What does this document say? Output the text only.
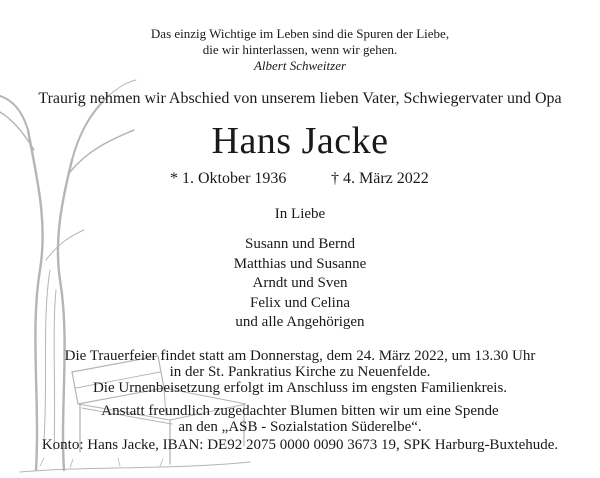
Das einzig Wichtige im Leben sind die Spuren der Liebe,
die wir hinterlassen, wenn wir gehen.
Albert Schweitzer
Traurig nehmen wir Abschied von unserem lieben Vater, Schwiegervater und Opa
Hans Jacke
* 1. Oktober 1936	† 4. März 2022
In Liebe
Susann und Bernd
Matthias und Susanne
Arndt und Sven
Felix und Celina
und alle Angehörigen
Die Trauerfeier findet statt am Donnerstag, dem 24. März 2022, um 13.30 Uhr
in der St. Pankratius Kirche zu Neuenfelde.
Die Urnenbeisetzung erfolgt im Anschluss im engsten Familienkreis.
Anstatt freundlich zugedachter Blumen bitten wir um eine Spende
an den „ASB - Sozialstation Süderelbe“.
Konto: Hans Jacke, IBAN: DE92 2075 0000 0090 3673 19, SPK Harburg-Buxtehude.
